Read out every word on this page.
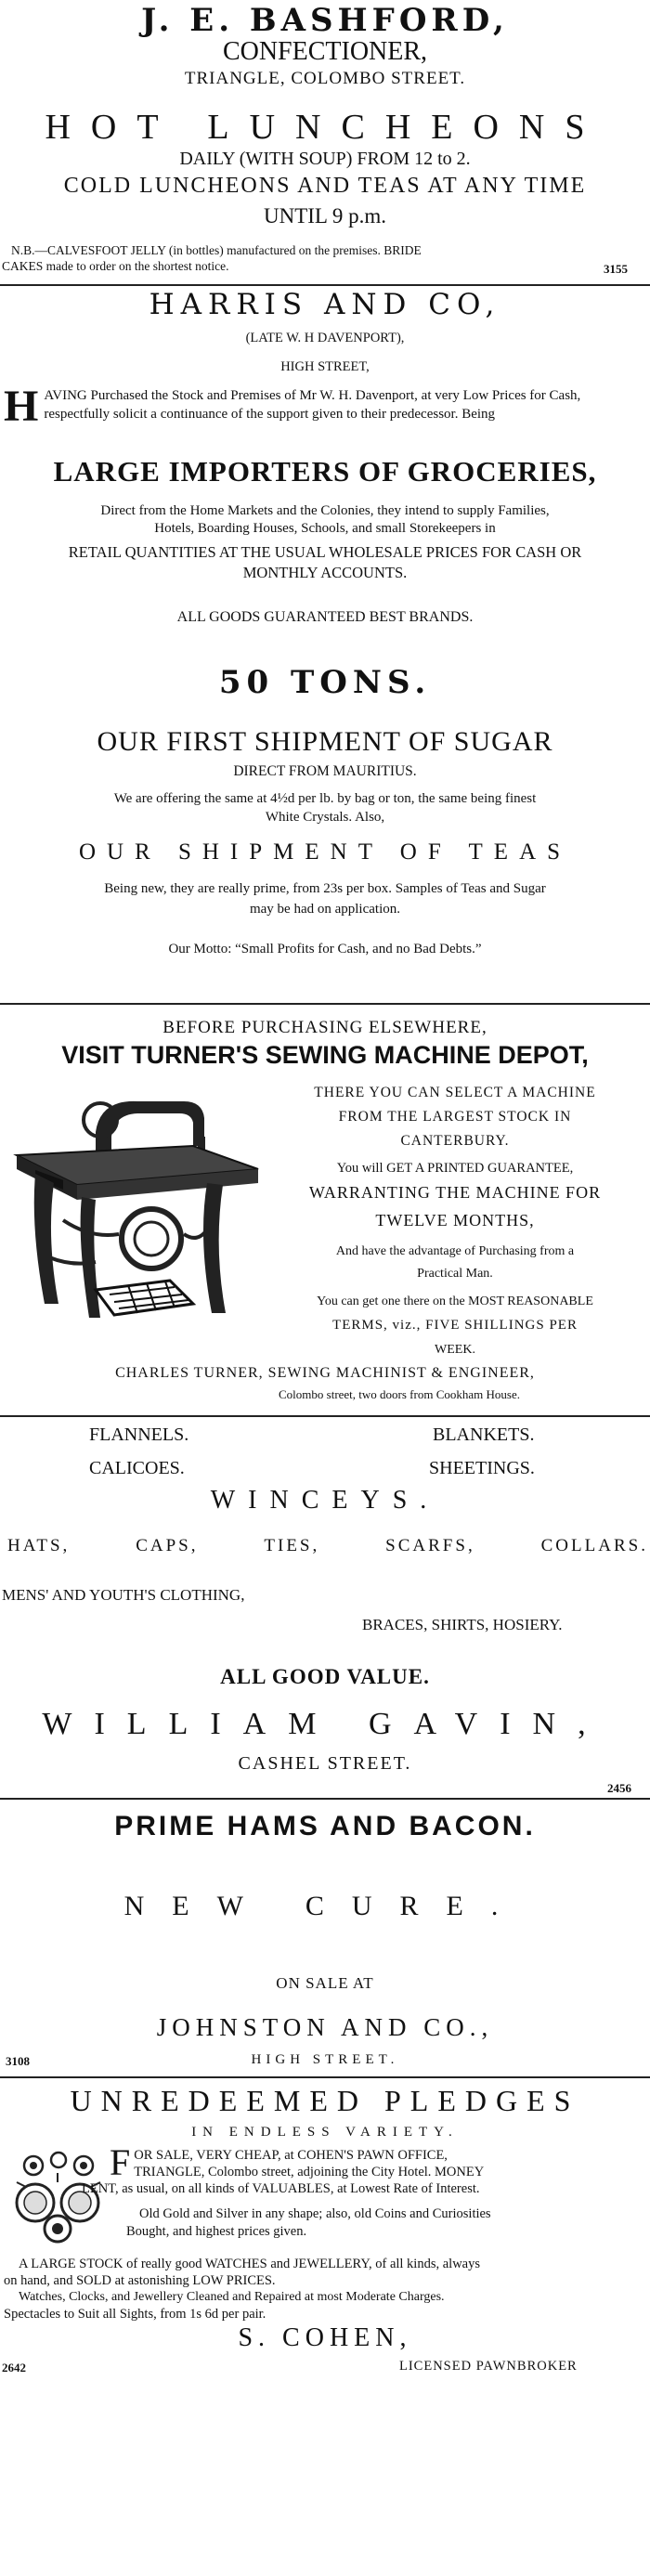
J. E. BASHFORD,
CONFECTIONER,
TRIANGLE, COLOMBO STREET.
HOT LUNCHEONS
DAILY (WITH SOUP) FROM 12 to 2.
COLD LUNCHEONS AND TEAS AT ANY TIME
UNTIL 9 p.m.
N.B.—CALVESFOOT JELLY (in bottles) manufactured on the premises. BRIDE
CAKES made to order on the shortest notice.	3155
HARRIS AND CO,
(LATE W. H DAVENPORT),
HIGH STREET,
H AVING Purchased the Stock and Premises of Mr W. H. Davenport, at very Low Prices for Cash, respectfully solicit a continuance of the support given to their predecessor. Being
LARGE IMPORTERS OF GROCERIES,
Direct from the Home Markets and the Colonies, they intend to supply Families,
Hotels, Boarding Houses, Schools, and small Storekeepers in
RETAIL QUANTITIES AT THE USUAL WHOLESALE PRICES FOR CASH OR
MONTHLY ACCOUNTS.
ALL GOODS GUARANTEED BEST BRANDS.
50 TONS.
OUR FIRST SHIPMENT OF SUGAR
DIRECT FROM MAURITIUS.
We are offering the same at 4½d per lb. by bag or ton, the same being finest
White Crystals. Also,
OUR SHIPMENT OF TEAS
Being new, they are really prime, from 23s per box. Samples of Teas and Sugar
may be had on application.
Our Motto: “Small Profits for Cash, and no Bad Debts.”
BEFORE PURCHASING ELSEWHERE,
VISIT TURNER'S SEWING MACHINE DEPOT,
THERE YOU CAN SELECT A MACHINE
FROM THE LARGEST STOCK IN
CANTERBURY.
You will GET A PRINTED GUARANTEE,
WARRANTING THE MACHINE FOR
TWELVE MONTHS,
And have the advantage of Purchasing from a
Practical Man.
You can get one there on the MOST REASONABLE
TERMS, viz., FIVE SHILLINGS PER
WEEK.
CHARLES TURNER, SEWING MACHINIST & ENGINEER,
Colombo street, two doors from Cookham House.
FLANNELS.	BLANKETS.
CALICOES.	SHEETINGS.
WINCEYS.
HATS,	CAPS,	TIES,	SCARFS,	COLLARS.
MENS' AND YOUTH'S CLOTHING,
BRACES, SHIRTS, HOSIERY.
ALL GOOD VALUE.
WILLIAM GAVIN,
CASHEL STREET.
2456
PRIME HAMS AND BACON.
NEW CURE.
ON SALE AT
JOHNSTON AND CO.,
3108	HIGH STREET.
UNREDEEMED PLEDGES
IN ENDLESS VARIETY.
F OR SALE, VERY CHEAP, at COHEN'S PAWN OFFICE,
TRIANGLE, Colombo street, adjoining the City Hotel. MONEY
LENT, as usual, on all kinds of VALUABLES, at Lowest Rate of Interest.
Old Gold and Silver in any shape; also, old Coins and Curiosities
Bought, and highest prices given.
A LARGE STOCK of really good WATCHES and JEWELLERY, of all kinds, always
on hand, and SOLD at astonishing LOW PRICES.
Watches, Clocks, and Jewellery Cleaned and Repaired at most Moderate Charges.
Spectacles to Suit all Sights, from 1s 6d per pair.
S. COHEN,
2642	LICENSED PAWNBROKER
